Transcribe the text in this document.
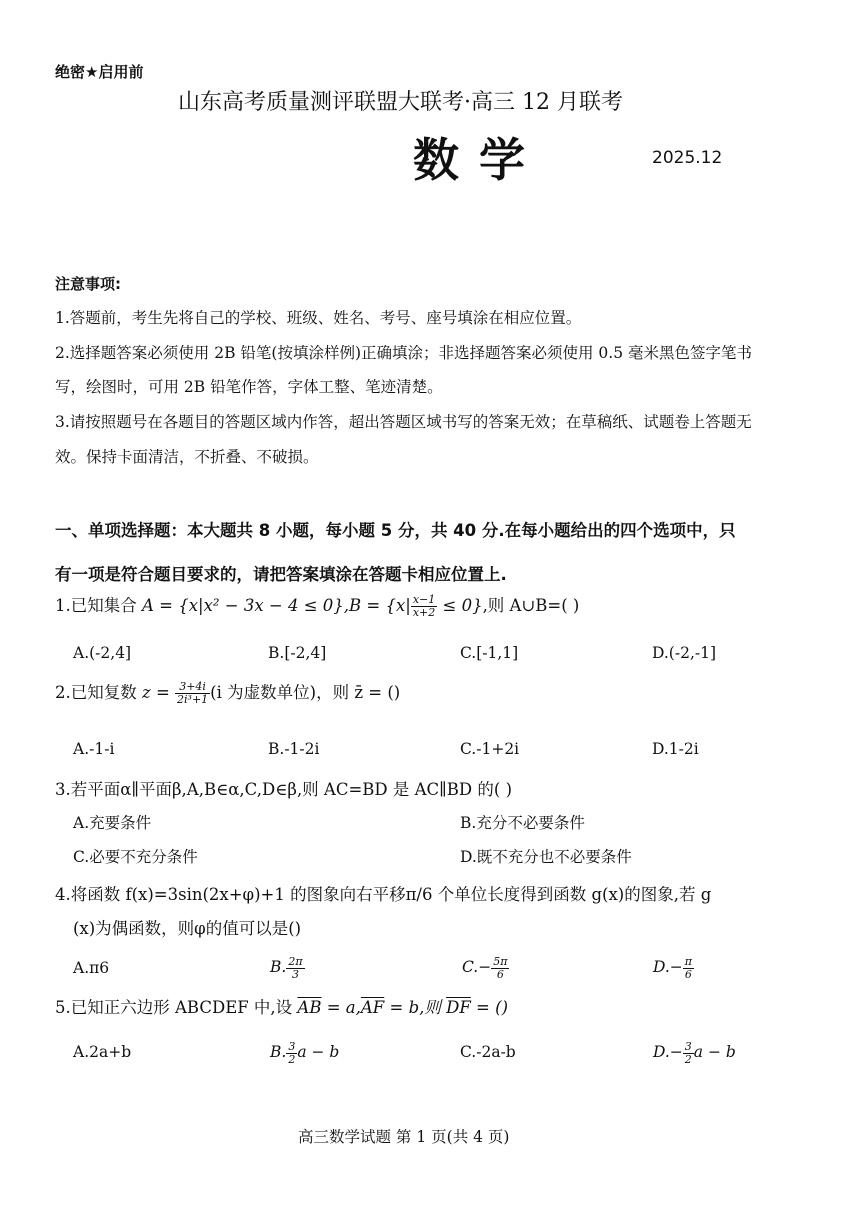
绝密★启用前
山东高考质量测评联盟大联考·高三 12 月联考
数 学	2025.12
注意事项:
1.答题前，考生先将自己的学校、班级、姓名、考号、座号填涂在相应位置。
2.选择题答案必须使用 2B 铅笔(按填涂样例)正确填涂；非选择题答案必须使用 0.5 毫米黑色签字笔书
写，绘图时，可用 2B 铅笔作答，字体工整、笔迹清楚。
3.请按照题号在各题目的答题区域内作答，超出答题区域书写的答案无效；在草稿纸、试题卷上答题无
效。保持卡面清洁，不折叠、不破损。
一、单项选择题：本大题共 8 小题，每小题 5 分，共 40 分.在每小题给出的四个选项中，只
有一项是符合题目要求的，请把答案填涂在答题卡相应位置上.
1.已知集合 $A = \{x|x^2 - 3x - 4 \le 0\},B = \{x| \frac{x-1}{x+2} \le 0\}$,则 A∪B=( )
A.(-2,4]	B.[-2,4]	C.[-1,1]	D.(-2,-1]
2.已知复数 $z = \frac{3+4i}{\text{2i³+1}} (i$ 为虚数单位)，则 z̄ = ()
A.-1-i	B.-1-2i	C.-1+2i	D.1-2i
3.若平面α∥平面β,A,B∈α,C,D∈β,则 AC=BD 是 AC∥BD 的( )
A.充要条件	B.充分不必要条件
C.必要不充分条件	D.既不充分也不必要条件
4.将函数 f(x)=3sin(2x+φ)+1 的图象向右平移π/6 个单位长度得到函数 g(x)的图象,若 g
(x)为偶函数，则φ的值可以是()
A.π6	B. $\frac{2\pi}{3}$	$C.- \frac{5\pi}{6}$	$D.- \frac{\pi}{6}$
5.已知正六边形 ABCDEF 中,设 $\overline{AB} = a,\overline{AF} = b$,则 $\overline{DF}$ = ()
A.2a+b	B. $\frac{3}{2}$ a − b	C.-2a-b	$D.- \frac{3}{2}$ a − b
高三数学试题 第 1 页(共 4 页)
